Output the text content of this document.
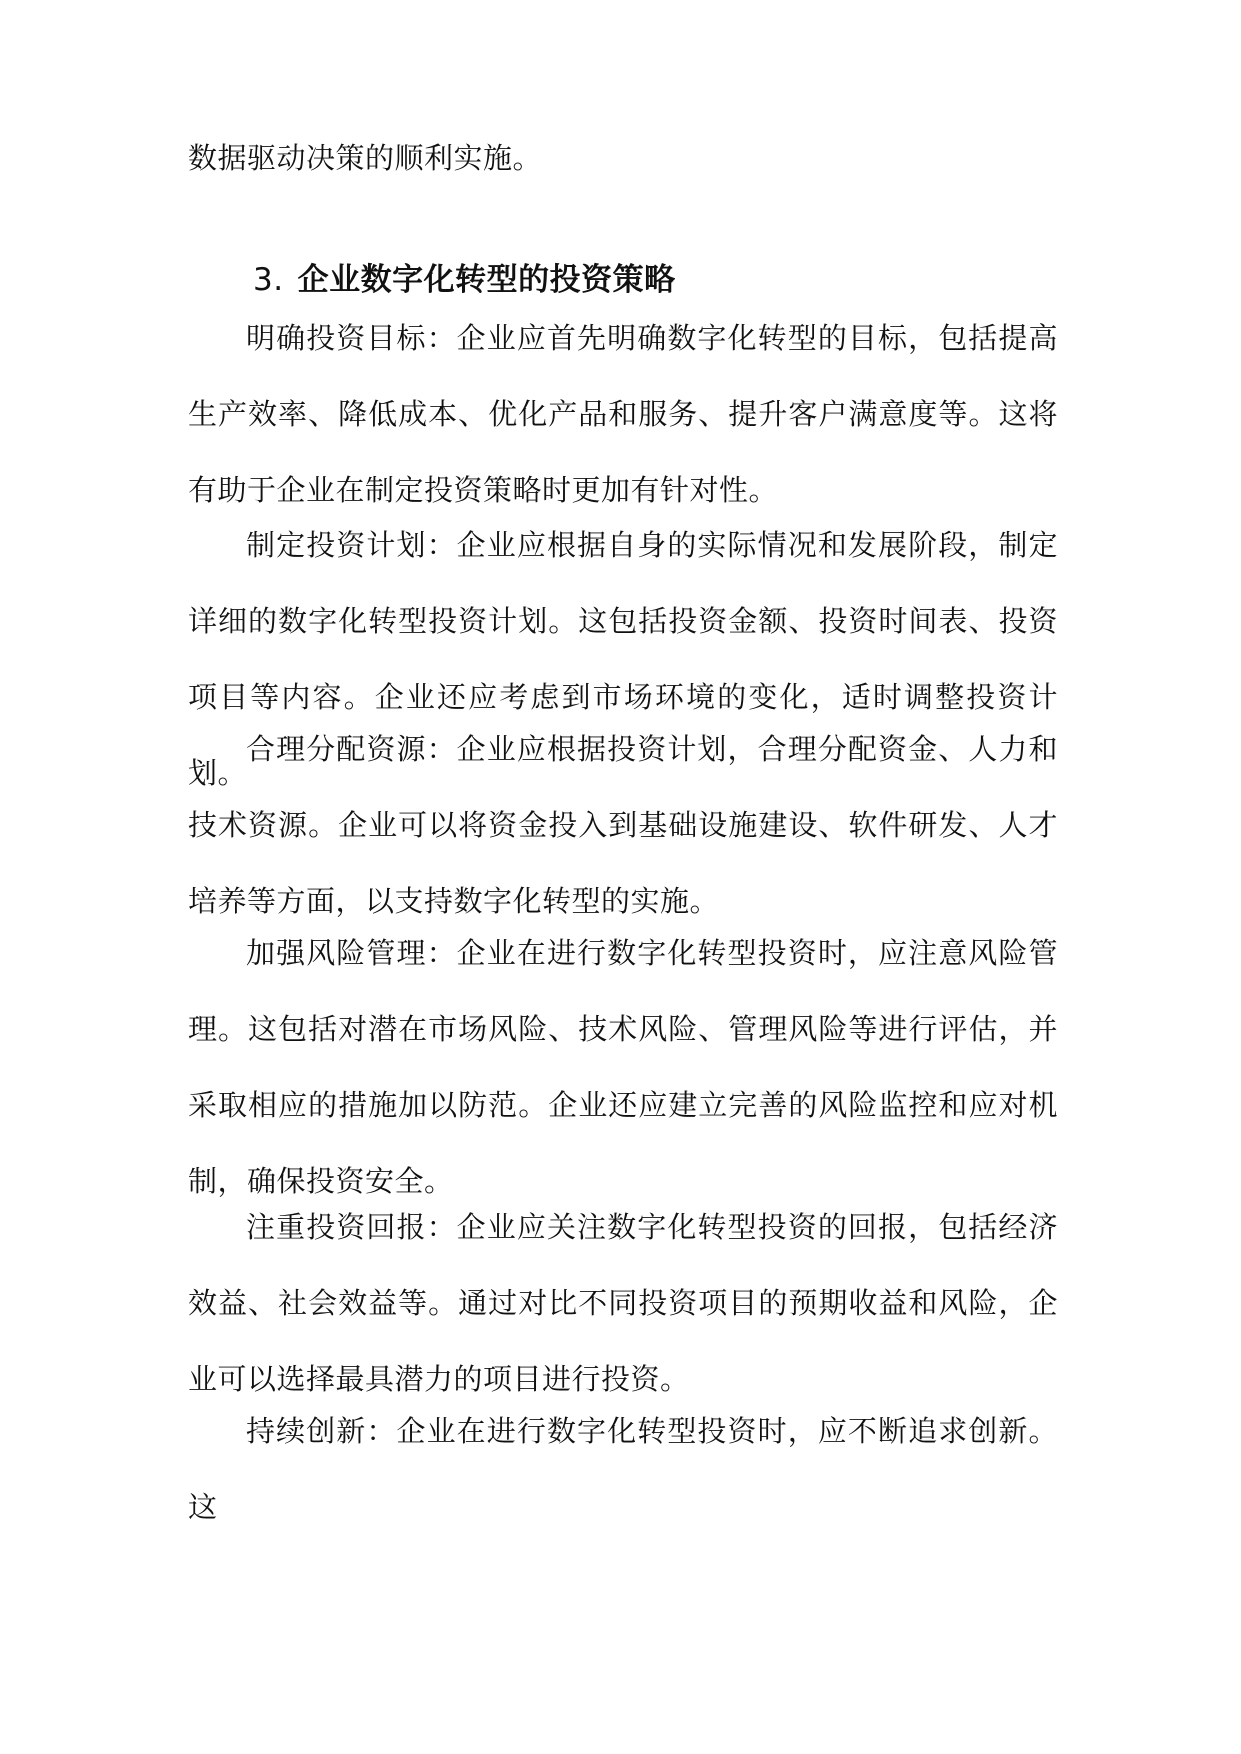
数据驱动决策的顺利实施。
3. 企业数字化转型的投资策略
明确投资目标：企业应首先明确数字化转型的目标，包括提高生产效率、降低成本、优化产品和服务、提升客户满意度等。这将有助于企业在制定投资策略时更加有针对性。
制定投资计划：企业应根据自身的实际情况和发展阶段，制定详细的数字化转型投资计划。这包括投资金额、投资时间表、投资项目等内容。企业还应考虑到市场环境的变化，适时调整投资计划。
合理分配资源：企业应根据投资计划，合理分配资金、人力和技术资源。企业可以将资金投入到基础设施建设、软件研发、人才培养等方面，以支持数字化转型的实施。
加强风险管理：企业在进行数字化转型投资时，应注意风险管理。这包括对潜在市场风险、技术风险、管理风险等进行评估，并采取相应的措施加以防范。企业还应建立完善的风险监控和应对机制，确保投资安全。
注重投资回报：企业应关注数字化转型投资的回报，包括经济效益、社会效益等。通过对比不同投资项目的预期收益和风险，企业可以选择最具潜力的项目进行投资。
持续创新：企业在进行数字化转型投资时，应不断追求创新。这
